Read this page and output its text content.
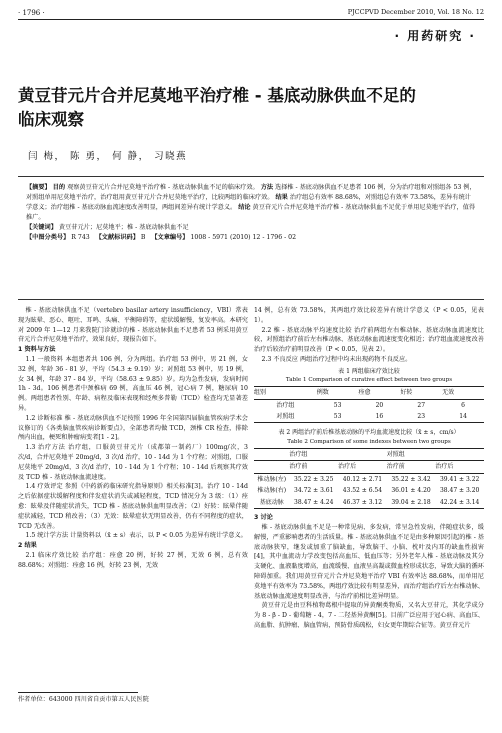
· 1796 ·	PJCCPVD December 2010, Vol. 18 No. 12
· 用药研究 ·
黄豆苷元片合并尼莫地平治疗椎 - 基底动脉供血不足的
临床观察
闫 梅， 陈 勇， 何 静， 习晓燕
【摘要】 目的 观察黄豆苷元片合并尼莫地平治疗椎 - 基底动脉供血不足的临床疗效。 方法 选择椎 - 基底动脉供血不足患者 106 例，分为治疗组和对照组各 53 例，对照组单用尼莫地平治疗，治疗组用黄豆苷元片合并尼莫地平治疗，比较两组的临床疗效。 结果 治疗组总有效率 88.68%，对照组总有效率 73.58%，差异有统计学意义；治疗组椎 - 基底动脉血流速度改善明显，两组间差异有统计学意义。 结论 黄豆苷元片合并尼莫地平治疗椎 - 基底动脉供血不足优于单用尼莫地平治疗，值得推广。
【关键词】 黄豆苷元片；尼莫地平；椎 - 基底动脉供血不足
【中图分类号】 R 743 【文献标识码】 B 【文章编号】 1008 - 5971 (2010) 12 - 1796 - 02

椎 - 基底动脉供血不足（vertebro basilar artery insufficiency，VBI）常表现为眩晕、恶心、呕吐、耳鸣、头痛、平衡障碍等，症状缓解慢，复发率高。本研究对 2009 年 1—12 月来我院门诊就诊的椎 - 基底动脉供血不足患者 53 例采用黄豆苷元片合并尼莫地平治疗，效果良好，现报告如下。

1 资料与方法

1.1 一般资料 本组患者共 106 例，分为两组。治疗组 53 例中，男 21 例，女 32 例，年龄 36 - 81 岁，平均（54.3 ± 9.19）岁；对照组 53 例中，男 19 例，女 34 例，年龄 37 - 84 岁，平均（58.63 ± 9.85）岁。均为急性发病，发病时间 1h - 3d。106 例患者中颈椎病 69 例，高血压 46 例，冠心病 7 例，糖尿病 10 例。两组患者性别、年龄、病程及临床表现和经颅多普勒（TCD）检查均无显著差异。

1.2 诊断标准 椎 - 基底动脉供血不足按照 1996 年全国第四届脑血管疾病学术会议修订的《各类脑血管疾病诊断要点》，全部患者均做 TCD，颈椎 CR 检查，排除颅内出血，梗死和肿瘤病变者[1 - 2]。

1.3 治疗方法 治疗组，口服黄豆苷元片（成都第一制药厂）100mg/次，3 次/d，合并尼莫地平 20mg/d，3 次/d 治疗，10 - 14d 为 1 个疗程；对照组，口服尼莫地平 20mg/d，3 次/d 治疗，10 - 14d 为 1 个疗程；10 - 14d 后观察其疗效及 TCD 椎 - 基底动脉血流速度。

1.4 疗效评定 参照《中药新药临床研究指导原则》相关标准[3]。治疗 10 - 14d 之后依据症状缓解程度和伴发症状消失或减轻程度，TCD 情况分为 3 级：（1）痊愈：眩晕及伴随症状消失，TCD 椎 - 基底动脉供血明显改善；（2）好转：眩晕伴随症状减轻，TCD 稍改善；（3）无效：眩晕症状无明显改善，仍有不同程度的症状，TCD 无改善。

1.5 统计学方法 计量资料以（x̄ ± s）表示，以 P < 0.05 为差异有统计学意义。

2 结果

2.1 临床疗效比较 治疗组：痊愈 20 例，好转 27 例，无效 6 例，总有效 88.68%；对照组：痊愈 16 例，好转 23 例，无效

14 例，总有效 73.58%，其两组疗效比较差异有统计学意义（P < 0.05，见表 1）。

2.2 椎 - 基底动脉平均速度比较 治疗前两组左右椎动脉、基底动脉血流速度比较，对照组治疗前后左右椎动脉、基底动脉血流速度变化相近；治疗组血流速度改善治疗后较治疗前明显改善（P < 0.05，见表 2）。

2.3 不良反应 两组治疗过程中均未出现药物不良反应。

表 1 两组临床疗效比较
Table 1 Comparison of curative effect between two groups
组别	例数	痊愈	好转	无效
治疗组	53	20	27	6
对照组	53	16	23	14
表 2 两组治疗前后椎基底动脉的平均血流速度比较（x̄ ± s，cm/s）
Table 2 Comparison of some indexes between two groups
	治疗组		对照组	
	治疗前	治疗后	治疗前	治疗后
椎动脉(左)	35.22 ± 3.25	40.12 ± 2.71	35.22 ± 3.42	39.41 ± 3.22
椎动脉(右)	34.72 ± 3.61	43.52 ± 6.54	36.01 ± 4.20	38.47 ± 3.20
基底动脉	38.47 ± 4.24	46.37 ± 3.12	39.04 ± 2.18	42.24 ± 3.14

3 讨论

椎 - 基底动脉供血不足是一种常见病、多发病，常呈急性发病，伴随症状多，缓解慢，严重影响患者的生活质量。椎 - 基底动脉供血不足是由多种原因引起的椎 - 基底动脉狭窄，继发或加重了脑缺血，导致脑干、小脑、枕叶及内耳的缺血性损害[4]，其中血流动力学改变包括高血压、低血压等；另外老年人椎 - 基底动脉及其分支硬化、血液黏度增高，血流缓慢、血液呈高凝或微血栓形成状态，导致大脑的循环障碍加重。我们用黄豆苷元片合并尼莫地平治疗 VBI 有效率达 88.68%，而单用尼莫地平有效率为 73.58%，两组疗效比较有明显差异，而治疗组治疗后左右椎动脉、基底动脉血流速度明显改善，与治疗前相比差异明显。

黄豆苷元是由豆科植物葛根中提取的异黄酮类物质，又名大豆苷元，其化学成分为 8 - β - D - 葡萄糖 - 4，7 - 二羟基异黄酮[5]。目前广泛应用于冠心病、高血压、高血脂、抗肿瘤、脑血管病，预防骨质疏松，妇女更年期综合征等。黄豆苷元片

作者单位：643000 四川省自贡市第五人民医院
